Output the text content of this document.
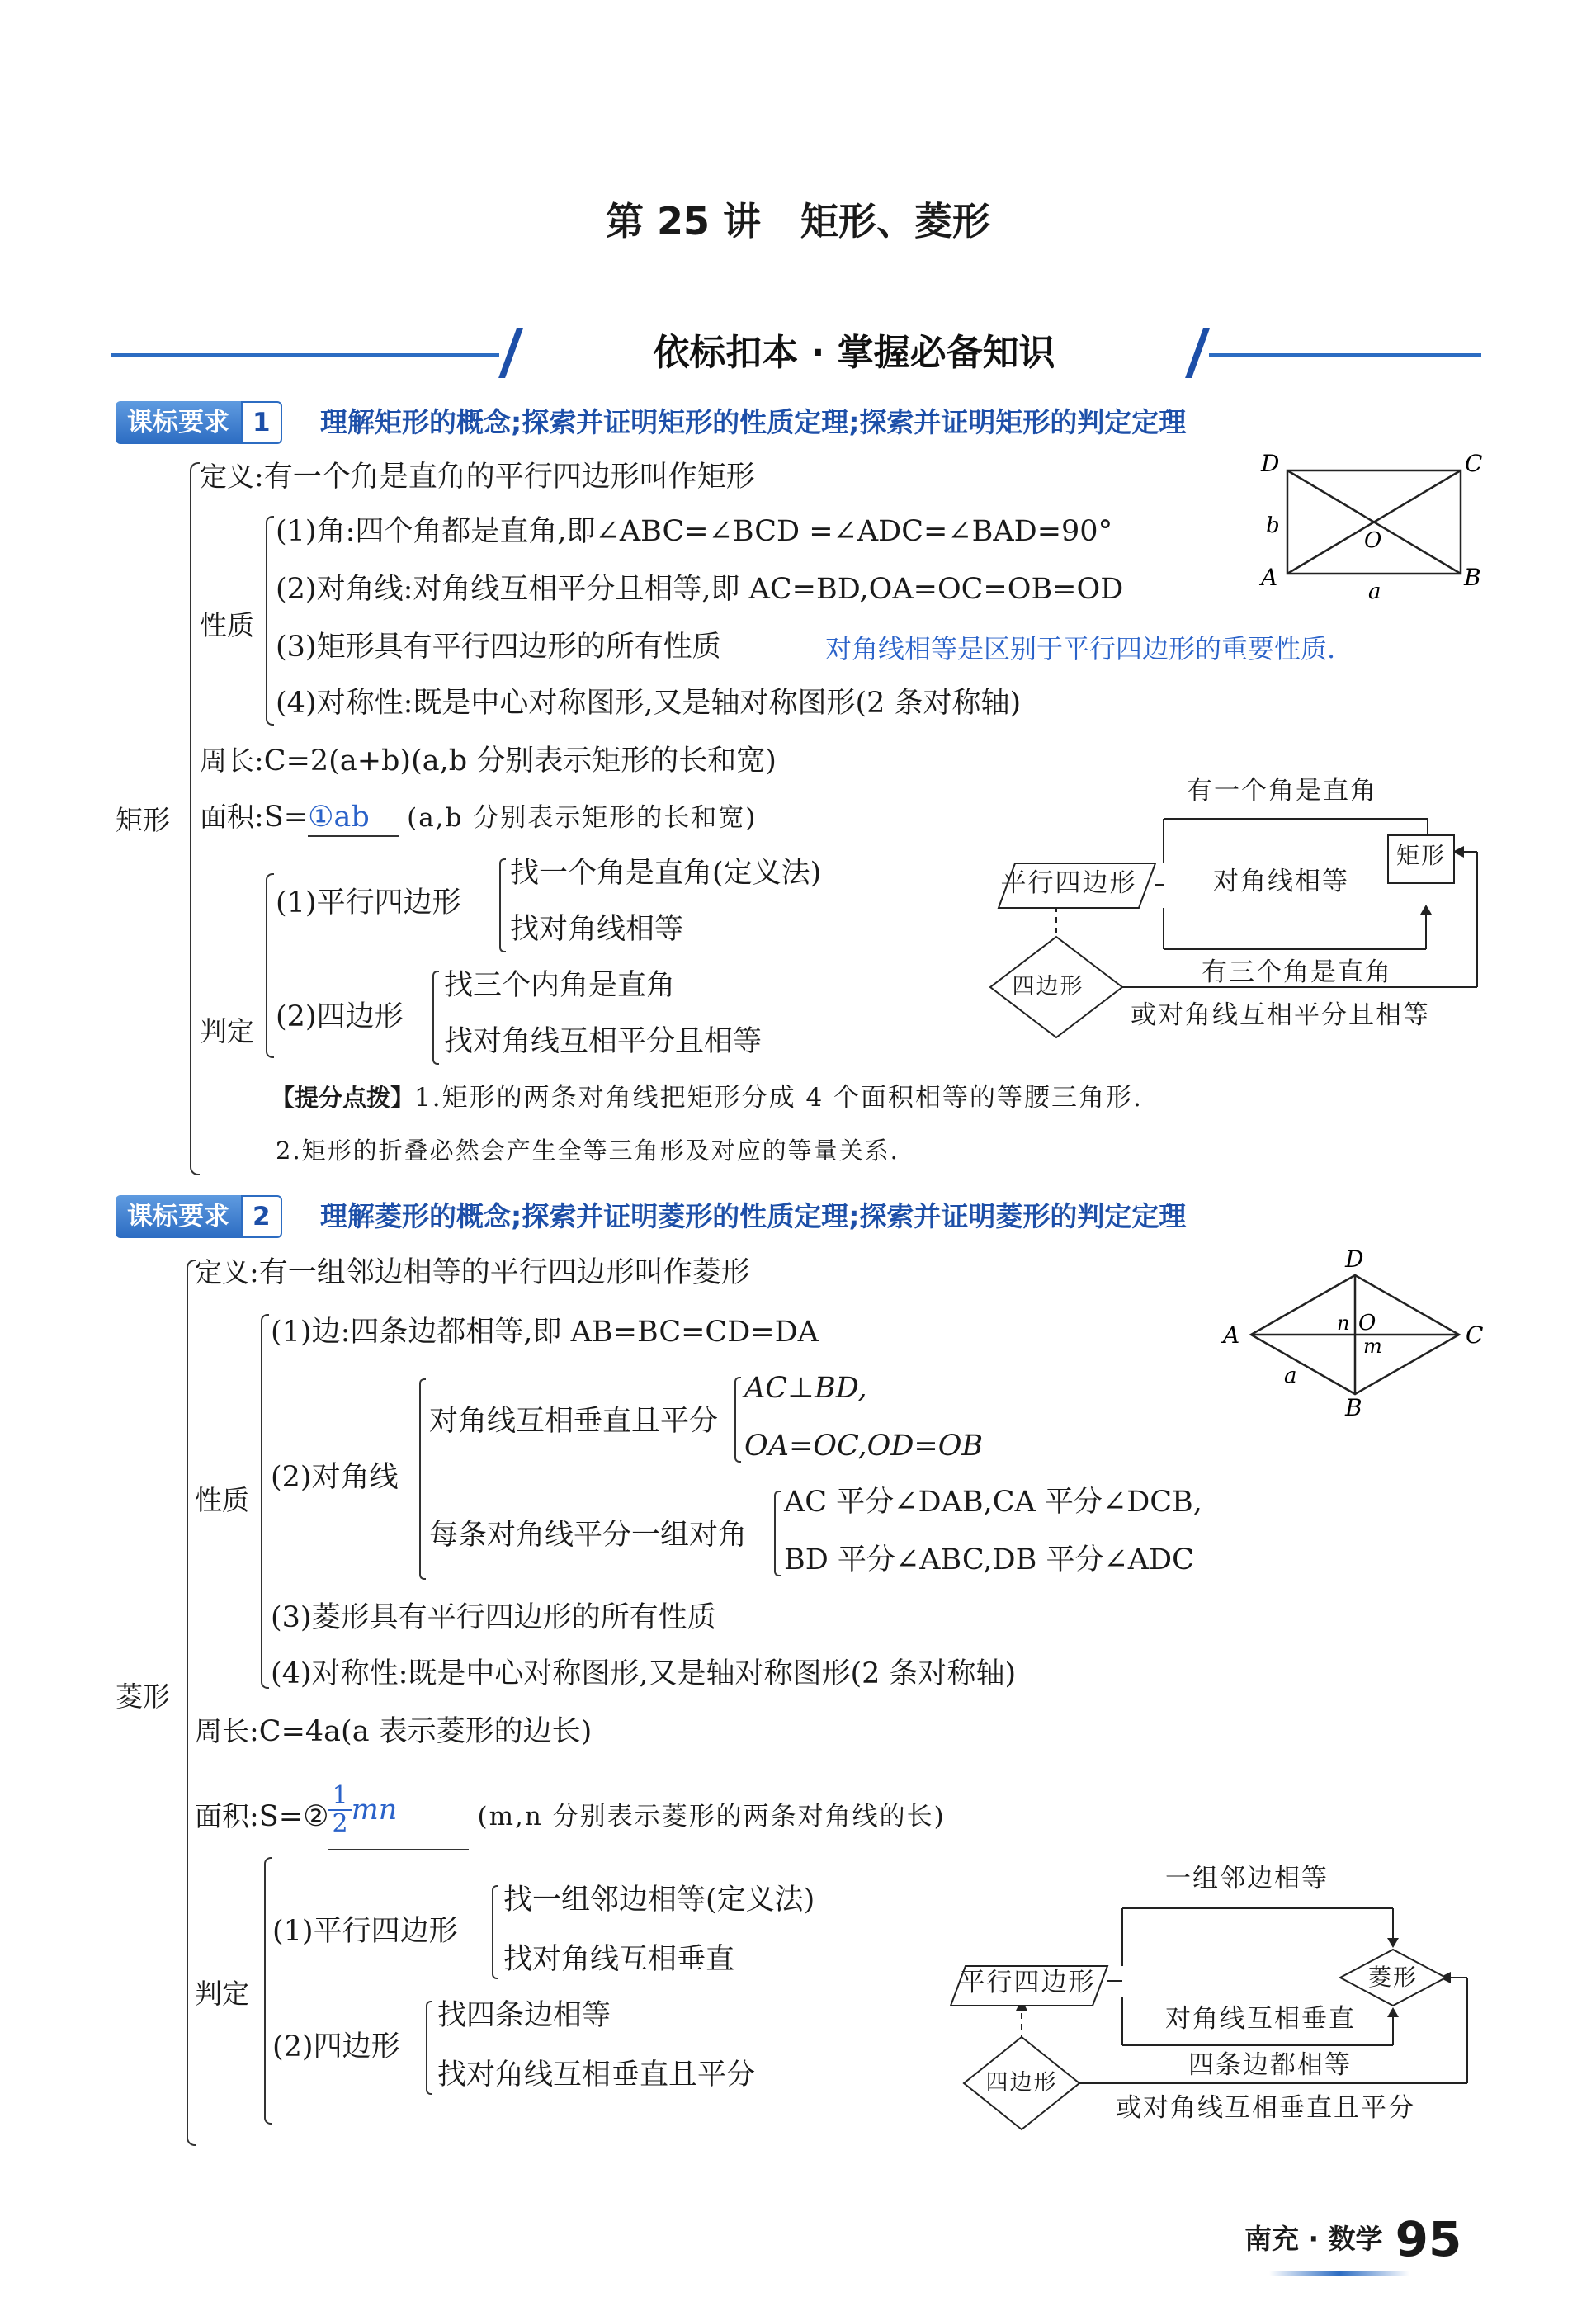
第 25 讲   矩形、菱形
依标扣本 · 掌握必备知识
课标要求 1	理解矩形的概念;探索并证明矩形的性质定理;探索并证明矩形的判定定理
矩形
定义:有一个角是直角的平行四边形叫作矩形
性质
(1)角:四个角都是直角,即∠ABC=∠BCD =∠ADC=∠BAD=90°
(2)对角线:对角线互相平分且相等,即 AC=BD,OA=OC=OB=OD
(3)矩形具有平行四边形的所有性质	对角线相等是区别于平行四边形的重要性质.
(4)对称性:既是中心对称图形,又是轴对称图形(2 条对称轴)
周长:C=2(a+b)(a,b 分别表示矩形的长和宽)
面积:S=①ab (a,b 分别表示矩形的长和宽)
判定
(1)平行四边形
找一个角是直角(定义法)
找对角线相等
(2)四边形
找三个内角是直角
找对角线互相平分且相等
【提分点拨】1.矩形的两条对角线把矩形分成 4 个面积相等的等腰三角形.
2.矩形的折叠必然会产生全等三角形及对应的等量关系.
D	C
A	B
O
b
a
平行四边形
四边形
矩形
有一个角是直角
对角线相等
有三个角是直角
或对角线互相平分且相等
课标要求 2	理解菱形的概念;探索并证明菱形的性质定理;探索并证明菱形的判定定理
菱形
定义:有一组邻边相等的平行四边形叫作菱形
性质
(1)边:四条边都相等,即 AB=BC=CD=DA
(2)对角线
对角线互相垂直且平分
AC⊥BD,
OA=OC,OD=OB
每条对角线平分一组对角
AC 平分∠DAB,CA 平分∠DCB,
BD 平分∠ABC,DB 平分∠ADC
(3)菱形具有平行四边形的所有性质
(4)对称性:既是中心对称图形,又是轴对称图形(2 条对称轴)
周长:C=4a(a 表示菱形的边长)
面积:S=② $\frac{1}{2}$ mn	(m,n 分别表示菱形的两条对角线的长)
判定
(1)平行四边形
找一组邻边相等(定义法)
找对角线互相垂直
(2)四边形
找四条边相等
找对角线互相垂直且平分
D
A	C
B
O
n
m
a
平行四边形
四边形
菱形
一组邻边相等
对角线互相垂直
四条边都相等
或对角线互相垂直且平分
南充 · 数学 95
